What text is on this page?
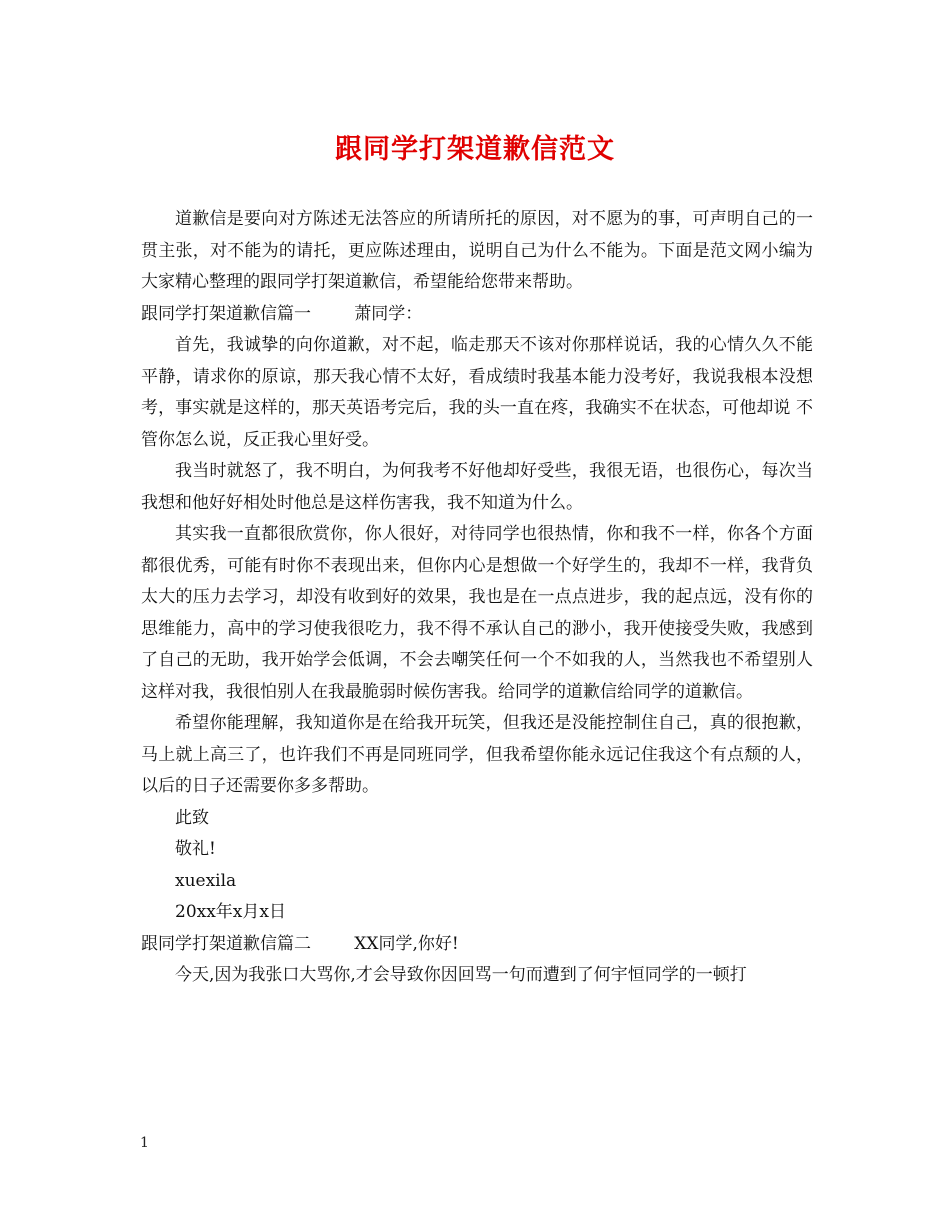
跟同学打架道歉信范文

道歉信是要向对方陈述无法答应的所请所托的原因，对不愿为的事，可声明自己的一贯主张，对不能为的请托，更应陈述理由，说明自己为什么不能为。下面是范文网小编为大家精心整理的跟同学打架道歉信，希望能给您带来帮助。

跟同学打架道歉信篇一	萧同学：

首先，我诚挚的向你道歉，对不起，临走那天不该对你那样说话，我的心情久久不能平静，请求你的原谅，那天我心情不太好，看成绩时我基本能力没考好，我说我根本没想考，事实就是这样的，那天英语考完后，我的头一直在疼，我确实不在状态，可他却说 不管你怎么说，反正我心里好受。

我当时就怒了，我不明白，为何我考不好他却好受些，我很无语，也很伤心，每次当我想和他好好相处时他总是这样伤害我，我不知道为什么。

其实我一直都很欣赏你，你人很好，对待同学也很热情，你和我不一样，你各个方面都很优秀，可能有时你不表现出来，但你内心是想做一个好学生的，我却不一样，我背负太大的压力去学习，却没有收到好的效果，我也是在一点点进步，我的起点远，没有你的思维能力，高中的学习使我很吃力，我不得不承认自己的渺小，我开使接受失败，我感到了自己的无助，我开始学会低调，不会去嘲笑任何一个不如我的人，当然我也不希望别人这样对我，我很怕别人在我最脆弱时候伤害我。给同学的道歉信给同学的道歉信。

希望你能理解，我知道你是在给我开玩笑，但我还是没能控制住自己，真的很抱歉，马上就上高三了，也许我们不再是同班同学，但我希望你能永远记住我这个有点颓的人，以后的日子还需要你多多帮助。

此致

敬礼!

xuexila

20xx年x月x日

跟同学打架道歉信篇二	XX同学,你好!

今天,因为我张口大骂你,才会导致你因回骂一句而遭到了何宇恒同学的一顿打

1
